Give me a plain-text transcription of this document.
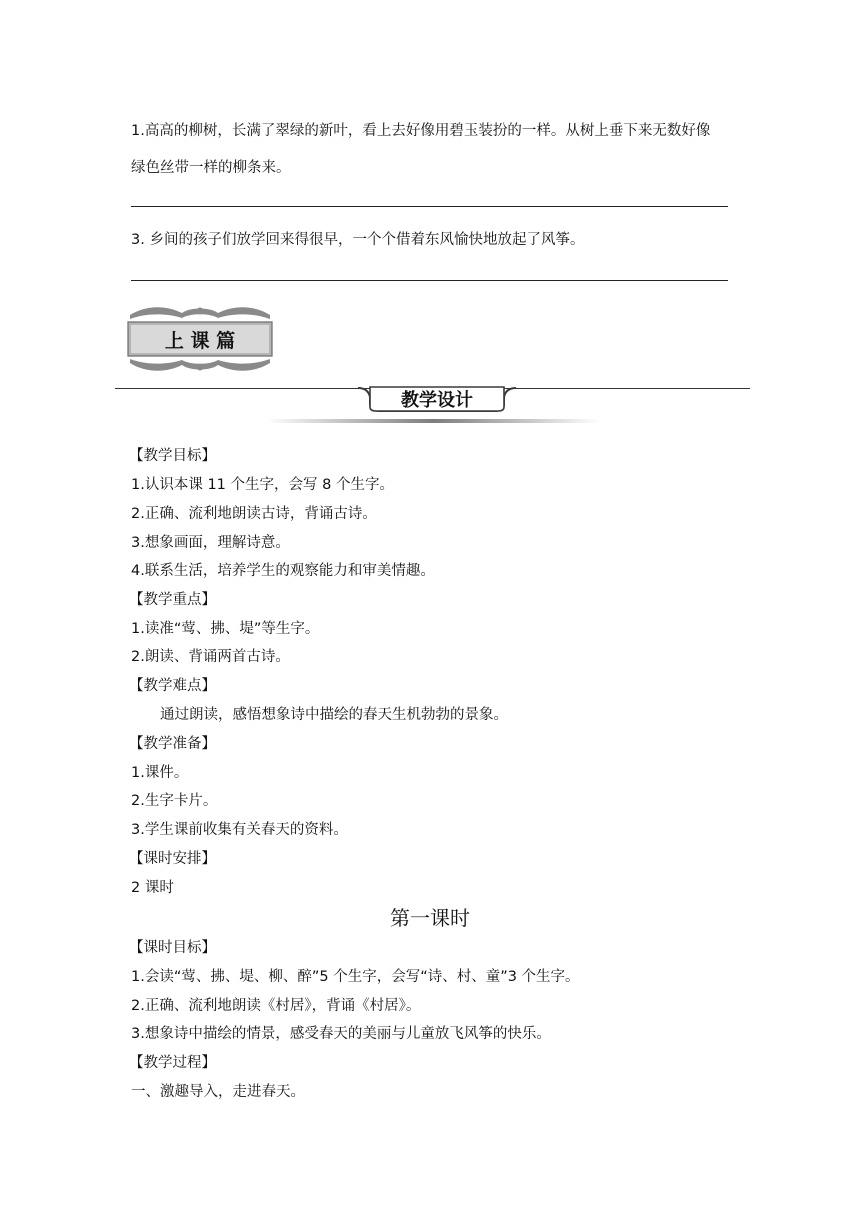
1.高高的柳树，长满了翠绿的新叶，看上去好像用碧玉装扮的一样。从树上垂下来无数好像
绿色丝带一样的柳条来。
3. 乡间的孩子们放学回来得很早，一个个借着东风愉快地放起了风筝。
上 课 篇
教学设计
【教学目标】
1.认识本课 11 个生字，会写 8 个生字。
2.正确、流利地朗读古诗，背诵古诗。
3.想象画面，理解诗意。
4.联系生活，培养学生的观察能力和审美情趣。
【教学重点】
1.读准“莺、拂、堤”等生字。
2.朗读、背诵两首古诗。
【教学难点】
通过朗读，感悟想象诗中描绘的春天生机勃勃的景象。
【教学准备】
1.课件。
2.生字卡片。
3.学生课前收集有关春天的资料。
【课时安排】
2 课时
第一课时
【课时目标】
1.会读“莺、拂、堤、柳、醉”5 个生字，会写“诗、村、童”3 个生字。
2.正确、流利地朗读《村居》，背诵《村居》。
3.想象诗中描绘的情景，感受春天的美丽与儿童放飞风筝的快乐。
【教学过程】
一、激趣导入，走进春天。
